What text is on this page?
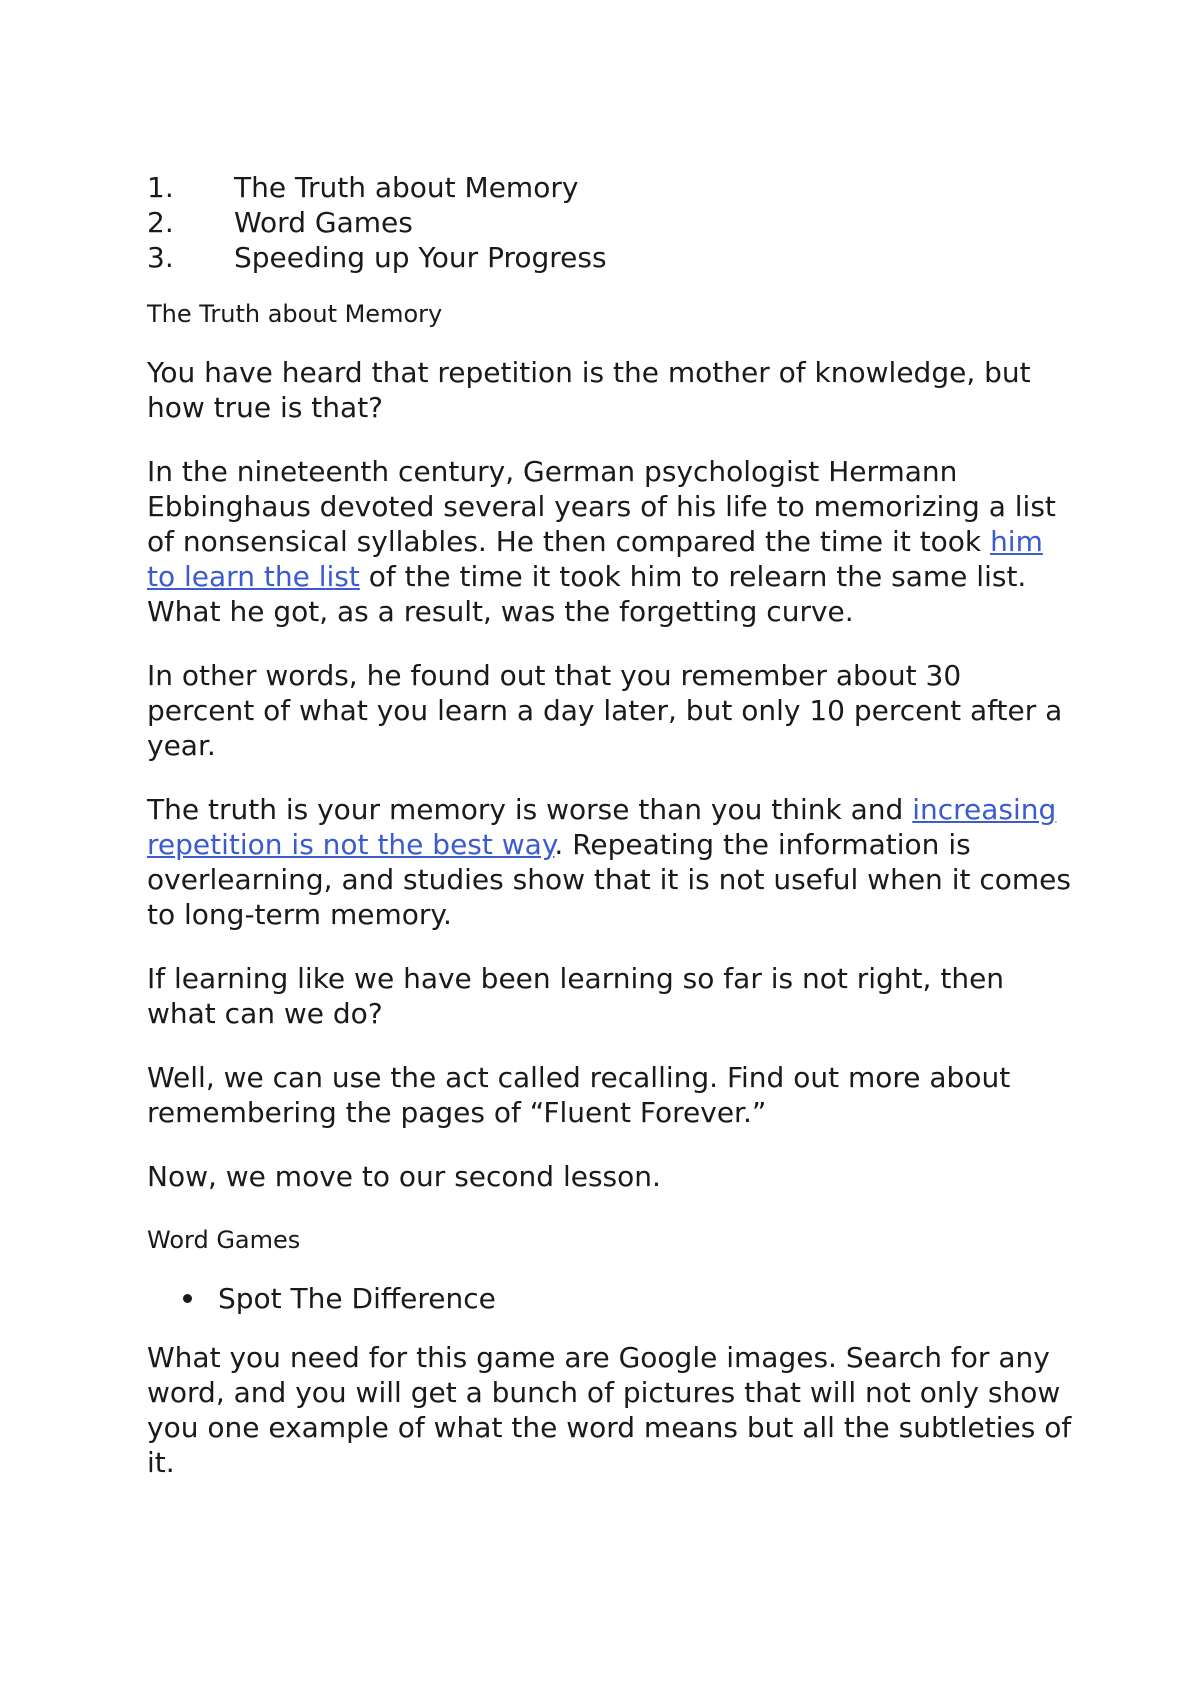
1.	The Truth about Memory
2.	Word Games
3.	Speeding up Your Progress
The Truth about Memory

You have heard that repetition is the mother of knowledge, but how true is that?

In the nineteenth century, German psychologist Hermann Ebbinghaus devoted several years of his life to memorizing a list of nonsensical syllables. He then compared the time it took him to learn the list of the time it took him to relearn the same list. What he got, as a result, was the forgetting curve.

In other words, he found out that you remember about 30 percent of what you learn a day later, but only 10 percent after a year.

The truth is your memory is worse than you think and increasing repetition is not the best way. Repeating the information is overlearning, and studies show that it is not useful when it comes to long-term memory.

If learning like we have been learning so far is not right, then what can we do?

Well, we can use the act called recalling. Find out more about remembering the pages of “Fluent Forever.”

Now, we move to our second lesson.

Word Games
Spot The Difference

What you need for this game are Google images. Search for any word, and you will get a bunch of pictures that will not only show you one example of what the word means but all the subtleties of it.
